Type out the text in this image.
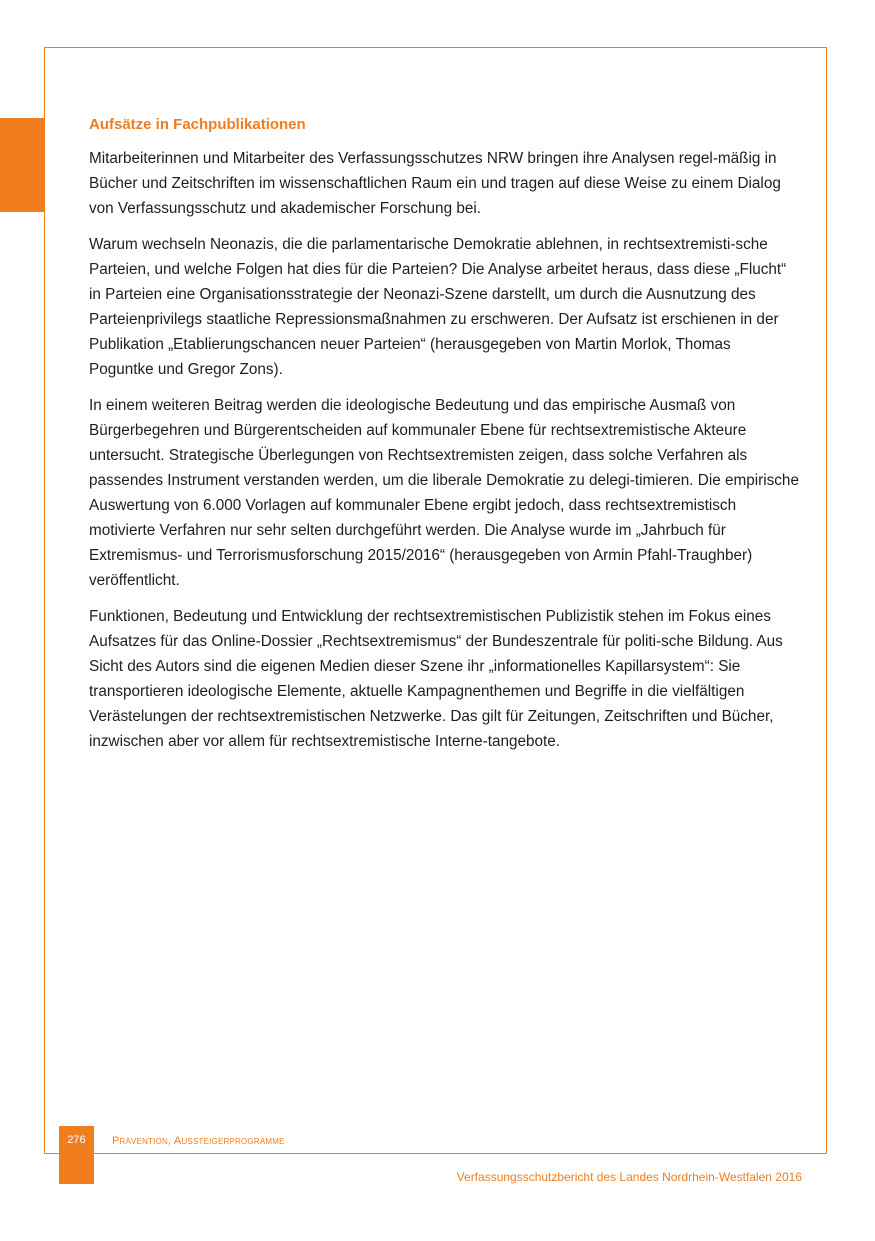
Aufsätze in Fachpublikationen

Mitarbeiterinnen und Mitarbeiter des Verfassungsschutzes NRW bringen ihre Analysen regel-mäßig in Bücher und Zeitschriften im wissenschaftlichen Raum ein und tragen auf diese Weise zu einem Dialog von Verfassungsschutz und akademischer Forschung bei.

Warum wechseln Neonazis, die die parlamentarische Demokratie ablehnen, in rechtsextremisti-sche Parteien, und welche Folgen hat dies für die Parteien? Die Analyse arbeitet heraus, dass diese „Flucht“ in Parteien eine Organisationsstrategie der Neonazi-Szene darstellt, um durch die Ausnutzung des Parteienprivilegs staatliche Repressionsmaßnahmen zu erschweren. Der Aufsatz ist erschienen in der Publikation „Etablierungschancen neuer Parteien“ (herausgegeben von Martin Morlok, Thomas Poguntke und Gregor Zons).

In einem weiteren Beitrag werden die ideologische Bedeutung und das empirische Ausmaß von Bürgerbegehren und Bürgerentscheiden auf kommunaler Ebene für rechtsextremistische Akteure untersucht. Strategische Überlegungen von Rechtsextremisten zeigen, dass solche Verfahren als passendes Instrument verstanden werden, um die liberale Demokratie zu delegi-timieren. Die empirische Auswertung von 6.000 Vorlagen auf kommunaler Ebene ergibt jedoch, dass rechtsextremistisch motivierte Verfahren nur sehr selten durchgeführt werden. Die Analyse wurde im „Jahrbuch für Extremismus- und Terrorismusforschung 2015/2016“ (herausgegeben von Armin Pfahl-Traughber) veröffentlicht.

Funktionen, Bedeutung und Entwicklung der rechtsextremistischen Publizistik stehen im Fokus eines Aufsatzes für das Online-Dossier „Rechtsextremismus“ der Bundeszentrale für politi-sche Bildung. Aus Sicht des Autors sind die eigenen Medien dieser Szene ihr „informationelles Kapillarsystem“: Sie transportieren ideologische Elemente, aktuelle Kampagnenthemen und Begriffe in die vielfältigen Verästelungen der rechtsextremistischen Netzwerke. Das gilt für Zeitungen, Zeitschriften und Bücher, inzwischen aber vor allem für rechtsextremistische Interne-tangebote.

276	Prävention, Aussteigerprogramme
Verfassungsschutzbericht des Landes Nordrhein-Westfalen 2016
